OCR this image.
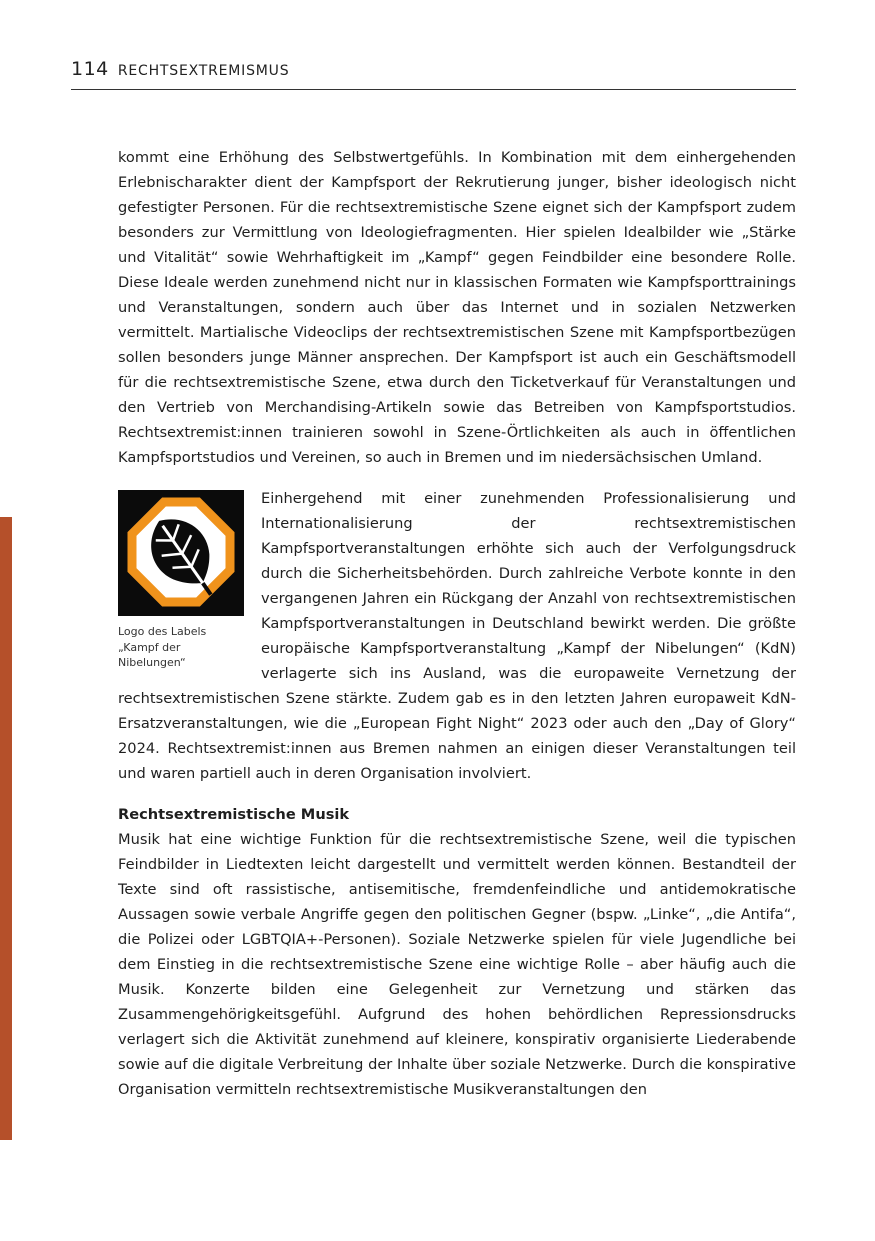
114 RECHTSEXTREMISMUS

kommt eine Erhöhung des Selbstwertgefühls. In Kombination mit dem einhergehenden Erlebnischarakter dient der Kampfsport der Rekrutierung junger, bisher ideologisch nicht gefestigter Personen. Für die rechtsextremistische Szene eignet sich der Kampfsport zudem besonders zur Vermittlung von Ideologiefragmenten. Hier spielen Idealbilder wie „Stärke und Vitalität“ sowie Wehrhaftigkeit im „Kampf“ gegen Feindbilder eine besondere Rolle. Diese Ideale werden zunehmend nicht nur in klassischen Formaten wie Kampfsporttrainings und Veranstaltungen, sondern auch über das Internet und in sozialen Netzwerken vermittelt. Martialische Videoclips der rechtsextremistischen Szene mit Kampfsportbezügen sollen besonders junge Männer ansprechen. Der Kampfsport ist auch ein Geschäftsmodell für die rechtsextremistische Szene, etwa durch den Ticketverkauf für Veranstaltungen und den Vertrieb von Merchandising-Artikeln sowie das Betreiben von Kampfsportstudios. Rechtsextremist:innen trainieren sowohl in Szene-Örtlichkeiten als auch in öffentlichen Kampfsportstudios und Vereinen, so auch in Bremen und im niedersächsischen Umland.

Logo des Labels „Kampf der Nibelungen“

Einhergehend mit einer zunehmenden Professionalisierung und Internationalisierung der rechtsextremistischen Kampfsportveranstaltungen erhöhte sich auch der Verfolgungsdruck durch die Sicherheitsbehörden. Durch zahlreiche Verbote konnte in den vergangenen Jahren ein Rückgang der Anzahl von rechtsextremistischen Kampfsportveranstaltungen in Deutschland bewirkt werden. Die größte europäische Kampfsportveranstaltung „Kampf der Nibelungen“ (KdN) verlagerte sich ins Ausland, was die europaweite Vernetzung der rechtsextremistischen Szene stärkte. Zudem gab es in den letzten Jahren europaweit KdN-Ersatzveranstaltungen, wie die „European Fight Night“ 2023 oder auch den „Day of Glory“ 2024. Rechtsextremist:innen aus Bremen nahmen an einigen dieser Veranstaltungen teil und waren partiell auch in deren Organisation involviert.

Rechtsextremistische Musik

Musik hat eine wichtige Funktion für die rechtsextremistische Szene, weil die typischen Feindbilder in Liedtexten leicht dargestellt und vermittelt werden können. Bestandteil der Texte sind oft rassistische, antisemitische, fremdenfeindliche und antidemokratische Aussagen sowie verbale Angriffe gegen den politischen Gegner (bspw. „Linke“, „die Antifa“, die Polizei oder LGBTQIA+-Personen). Soziale Netzwerke spielen für viele Jugendliche bei dem Einstieg in die rechtsextremistische Szene eine wichtige Rolle – aber häufig auch die Musik. Konzerte bilden eine Gelegenheit zur Vernetzung und stärken das Zusammengehörigkeitsgefühl. Aufgrund des hohen behördlichen Repressionsdrucks verlagert sich die Aktivität zunehmend auf kleinere, konspirativ organisierte Liederabende sowie auf die digitale Verbreitung der Inhalte über soziale Netzwerke. Durch die konspirative Organisation vermitteln rechtsextremistische Musikveranstaltungen den
